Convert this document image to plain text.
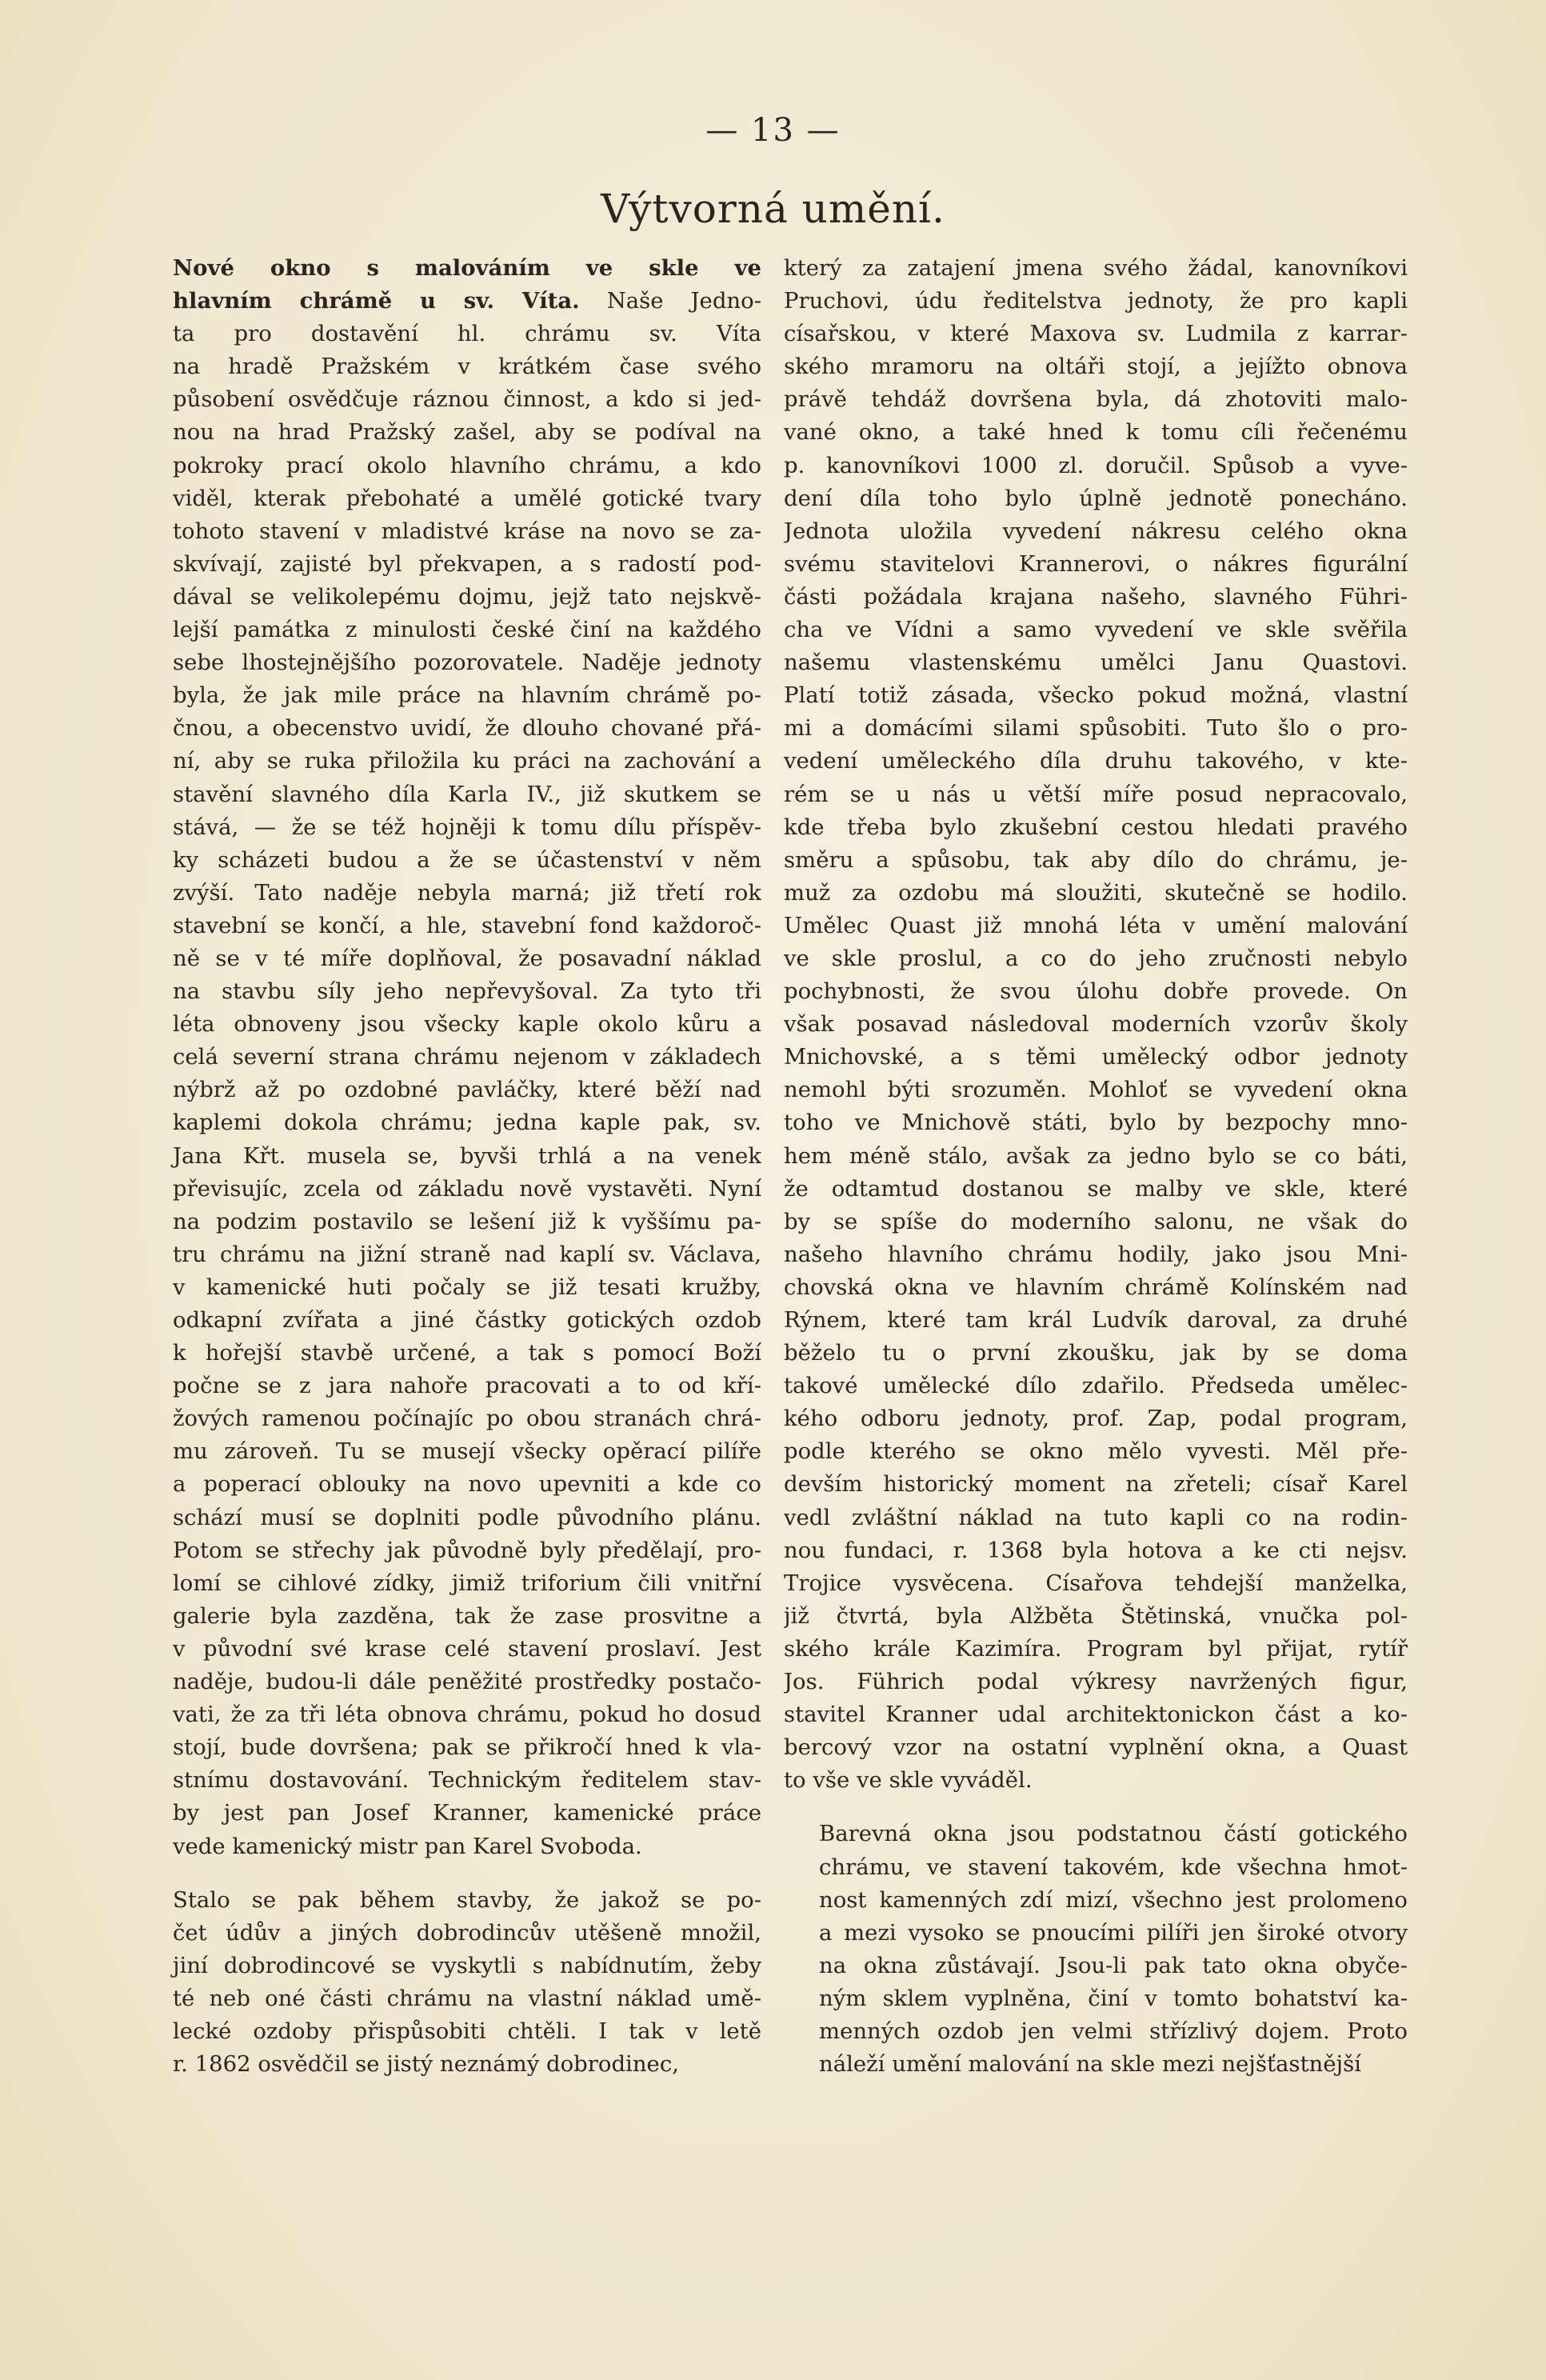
— 13 —
Výtvorná umění.

Nové okno s malováním ve skle ve
hlavním chrámě u sv. Víta. Naše Jedno-
ta pro dostavění hl. chrámu sv. Víta
na hradě Pražském v krátkém čase svého
působení osvědčuje ráznou činnost, a kdo si jed-
nou na hrad Pražský zašel, aby se podíval na
pokroky prací okolo hlavního chrámu, a kdo
viděl, kterak přebohaté a umělé gotické tvary
tohoto stavení v mladistvé kráse na novo se za-
skvívají, zajisté byl překvapen, a s radostí pod-
dával se velikolepému dojmu, jejž tato nejskvě-
lejší památka z minulosti české činí na každého
sebe lhostejnějšího pozorovatele. Naděje jednoty
byla, že jak mile práce na hlavním chrámě po-
čnou, a obecenstvo uvidí, že dlouho chované přá-
ní, aby se ruka přiložila ku práci na zachování a
stavění slavného díla Karla IV., již skutkem se
stává, — že se též hojněji k tomu dílu příspěv-
ky scházeti budou a že se účastenství v něm
zvýší. Tato naděje nebyla marná; již třetí rok
stavební se končí, a hle, stavební fond každoroč-
ně se v té míře doplňoval, že posavadní náklad
na stavbu síly jeho nepřevyšoval. Za tyto tři
léta obnoveny jsou všecky kaple okolo kůru a
celá severní strana chrámu nejenom v základech
nýbrž až po ozdobné pavláčky, které běží nad
kaplemi dokola chrámu; jedna kaple pak, sv.
Jana Křt. musela se, byvši trhlá a na venek
převisujíc, zcela od základu nově vystavěti. Nyní
na podzim postavilo se lešení již k vyššímu pa-
tru chrámu na jižní straně nad kaplí sv. Václava,
v kamenické huti počaly se již tesati kružby,
odkapní zvířata a jiné částky gotických ozdob
k hořejší stavbě určené, a tak s pomocí Boží
počne se z jara nahoře pracovati a to od kří-
žových ramenou počínajíc po obou stranách chrá-
mu zároveň. Tu se musejí všecky opěrací pilíře
a poperací oblouky na novo upevniti a kde co
schází musí se doplniti podle původního plánu.
Potom se střechy jak původně byly předělají, pro-
lomí se cihlové zídky, jimiž triforium čili vnitřní
galerie byla zazděna, tak že zase prosvitne a
v původní své krase celé stavení proslaví. Jest
naděje, budou-li dále peněžité prostředky postačo-
vati, že za tři léta obnova chrámu, pokud ho dosud
stojí, bude dovršena; pak se přikročí hned k vla-
stnímu dostavování. Technickým ředitelem stav-
by jest pan Josef Kranner, kamenické práce
vede kamenický mistr pan Karel Svoboda.

Stalo se pak během stavby, že jakož se po-
čet údův a jiných dobrodincův utěšeně množil,
jiní dobrodincové se vyskytli s nabídnutím, žeby
té neb oné části chrámu na vlastní náklad umě-
lecké ozdoby přispůsobiti chtěli. I tak v letě
r. 1862 osvědčil se jistý neznámý dobrodinec,

který za zatajení jmena svého žádal, kanovníkovi
Pruchovi, údu ředitelstva jednoty, že pro kapli
císařskou, v které Maxova sv. Ludmila z karrar-
ského mramoru na oltáři stojí, a jejížto obnova
právě tehdáž dovršena byla, dá zhotoviti malo-
vané okno, a také hned k tomu cíli řečenému
p. kanovníkovi 1000 zl. doručil. Spůsob a vyve-
dení díla toho bylo úplně jednotě ponecháno.
Jednota uložila vyvedení nákresu celého okna
svému stavitelovi Krannerovi, o nákres figurální
části požádala krajana našeho, slavného Führi-
cha ve Vídni a samo vyvedení ve skle svěřila
našemu vlastenskému umělci Janu Quastovi.
Platí totiž zásada, všecko pokud možná, vlastní
mi a domácími silami spůsobiti. Tuto šlo o pro-
vedení uměleckého díla druhu takového, v kte-
rém se u nás u větší míře posud nepracovalo,
kde třeba bylo zkušební cestou hledati pravého
směru a spůsobu, tak aby dílo do chrámu, je-
muž za ozdobu má sloužiti, skutečně se hodilo.
Umělec Quast již mnohá léta v umění malování
ve skle proslul, a co do jeho zručnosti nebylo
pochybnosti, že svou úlohu dobře provede. On
však posavad následoval moderních vzorův školy
Mnichovské, a s těmi umělecký odbor jednoty
nemohl býti srozuměn. Mohloť se vyvedení okna
toho ve Mnichově státi, bylo by bezpochy mno-
hem méně stálo, avšak za jedno bylo se co báti,
že odtamtud dostanou se malby ve skle, které
by se spíše do moderního salonu, ne však do
našeho hlavního chrámu hodily, jako jsou Mni-
chovská okna ve hlavním chrámě Kolínském nad
Rýnem, které tam král Ludvík daroval, za druhé
běželo tu o první zkoušku, jak by se doma
takové umělecké dílo zdařilo. Předseda umělec-
kého odboru jednoty, prof. Zap, podal program,
podle kterého se okno mělo vyvesti. Měl pře-
devším historický moment na zřeteli; císař Karel
vedl zvláštní náklad na tuto kapli co na rodin-
nou fundaci, r. 1368 byla hotova a ke cti nejsv.
Trojice vysvěcena. Císařova tehdejší manželka,
již čtvrtá, byla Alžběta Štětinská, vnučka pol-
ského krále Kazimíra. Program byl přijat, rytíř
Jos. Führich podal výkresy navržených figur,
stavitel Kranner udal architektonickon část a ko-
bercový vzor na ostatní vyplnění okna, a Quast
to vše ve skle vyváděl.

Barevná okna jsou podstatnou částí gotického
chrámu, ve stavení takovém, kde všechna hmot-
nost kamenných zdí mizí, všechno jest prolomeno
a mezi vysoko se pnoucími pilíři jen široké otvory
na okna zůstávají. Jsou-li pak tato okna obyče-
ným sklem vyplněna, činí v tomto bohatství ka-
menných ozdob jen velmi střízlivý dojem. Proto
náleží umění malování na skle mezi nejšťastnější
